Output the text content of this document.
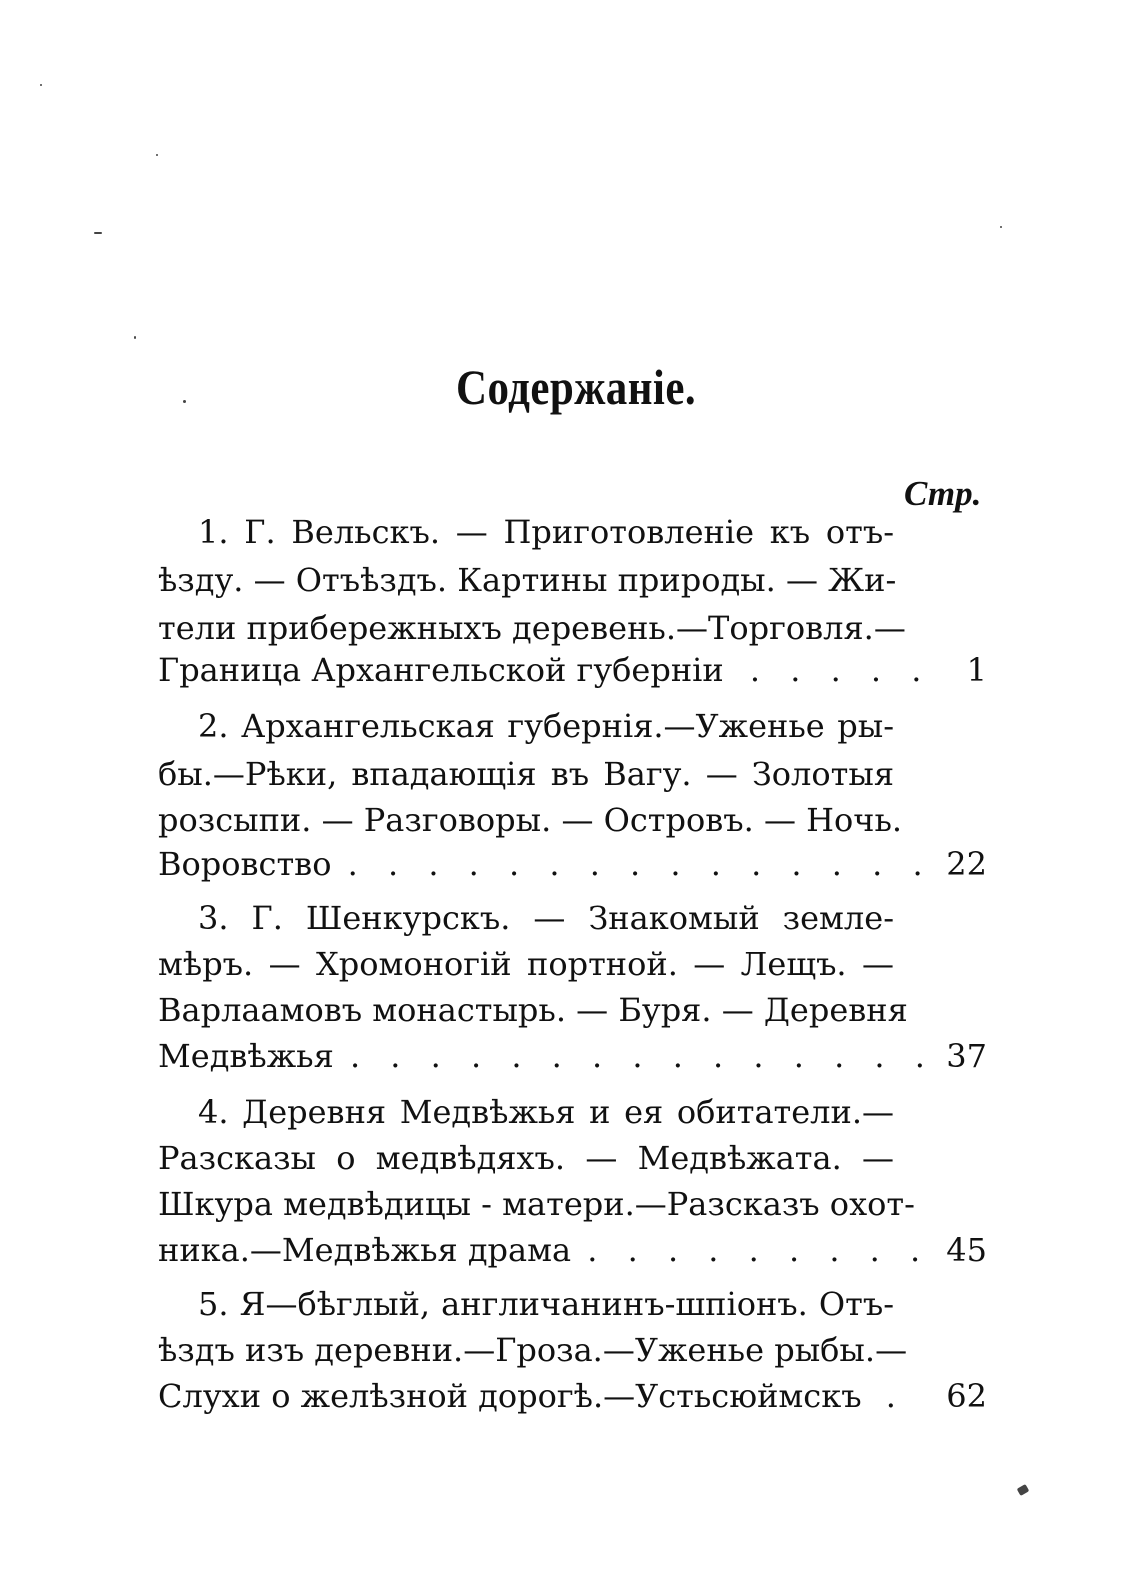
Содержаніе.
Стр.
1. Г. Вельскъ. — Приготовленіе къ отъ-
ѣзду. — Отъѣздъ. Картины природы. — Жи-
тели прибережныхъ деревень.—Торговля.—
Граница Архангельской губерніи . . . . .	1
2. Архангельская губернія.—Уженье ры-
бы.—Рѣки, впадающія въ Вагу. — Золотыя
розсыпи. — Разговоры. — Островъ. — Ночь.
Воровство . . . . . . . . . . . . . . . 22
3. Г. Шенкурскъ. — Знакомый земле-
мѣръ. — Хромоногій портной. — Лещъ. —
Варлаамовъ монастырь. — Буря. — Деревня
Медвѣжья . . . . . . . . . . . . . . . 37
4. Деревня Медвѣжья и ея обитатели.—
Разсказы о медвѣдяхъ. — Медвѣжата. —
Шкура медвѣдицы - матери.—Разсказъ охот-
ника.—Медвѣжья драма . . . . . . . . . 45
5. Я—бѣглый, англичанинъ-шпіонъ. Отъ-
ѣздъ изъ деревни.—Гроза.—Уженье рыбы.—
Слухи о желѣзной дорогѣ.—Устьсюймскъ .	62
